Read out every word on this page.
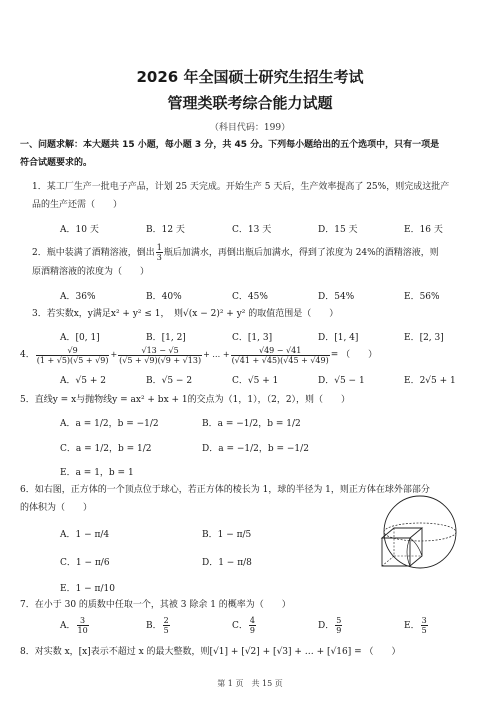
2026 年全国硕士研究生招生考试
管理类联考综合能力试题
（科目代码：199）
一、问题求解：本大题共 15 小题，每小题 3 分，共 45 分。下列每小题给出的五个选项中，只有一项是
符合试题要求的。
1．某工厂生产一批电子产品，计划 25 天完成。开始生产 5 天后，生产效率提高了 25%，则完成这批产
品的生产还需（　　）
A．10 天	B．12 天	C．13 天	D．15 天	E．16 天
2．瓶中装满了酒精溶液，倒出 $\frac{1}{3}$ 瓶后加满水，再倒出瓶后加满水，得到了浓度为 24%的酒精溶液，则
原酒精溶液的浓度为（　　）
A．36%	B．40%	C．45%	D．54%	E．56%
3．若实数x，y满足x² + y² ≤ 1，　则√(x − 2)² + y² 的取值范围是（　　）
A．[0, 1]	B．[1, 2]	C．[1, 3]	D．[1, 4]	E．[2, 3]
4． $\frac{√9}{(1 + √5)(√5 + √9)} + \frac{√13 - √5}{(√5 + √9)(√9 + √13)}$ + … + $\frac{√49 - √41}{(√41 + √45)(√45 + √49)}$ = （　　）
A．√5 + 2	B．√5 − 2	C．√5 + 1	D．√5 − 1	E．2√5 + 1
5．直线y = x与抛物线y = ax² + bx + 1的交点为（1，1），（2，2），则（　　）
A．a = 1/2，b = −1/2	B．a = −1/2，b = 1/2
C．a = 1/2，b = 1/2	D．a = −1/2，b = −1/2
E．a = 1，b = 1
6．如右图，正方体的一个顶点位于球心，若正方体的棱长为 1，球的半径为 1，则正方体在球外部部分
的体积为（　　）
A．1 − π/4	B．1 − π/5
C．1 − π/6	D．1 − π/8
E．1 − π/10
7．在小于 30 的质数中任取一个，其被 3 除余 1 的概率为（　　）
A． $\frac{3}{10}$	B． $\frac{2}{5}$	C． $\frac{4}{9}$	D． $\frac{5}{9}$	E． $\frac{3}{5}$
8．对实数 x，[x]表示不超过 x 的最大整数，则[√1] + [√2] + [√3] + … + [√16] = （　　）
第 1 页　共 15 页
